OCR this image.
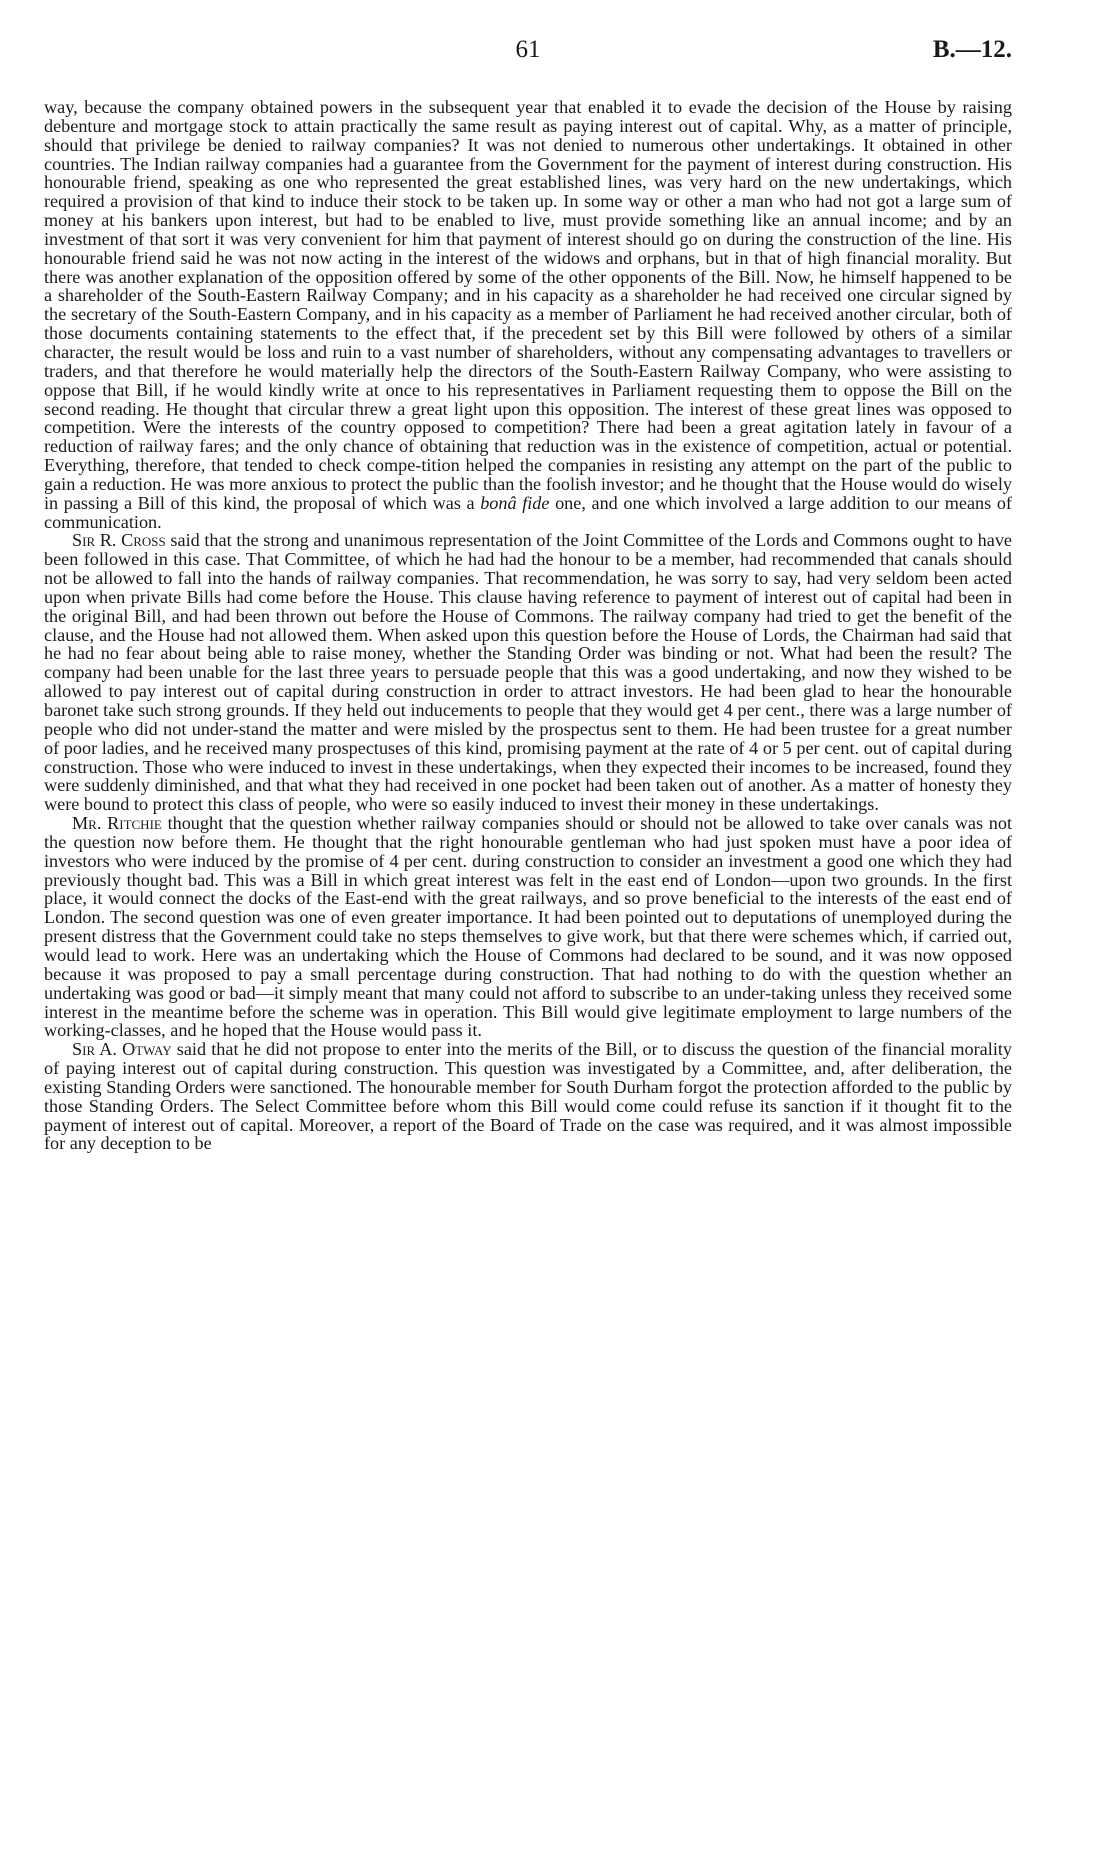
61	B.—12.

way, because the company obtained powers in the subsequent year that enabled it to evade the decision of the House by raising debenture and mortgage stock to attain practically the same result as paying interest out of capital. Why, as a matter of principle, should that privilege be denied to railway companies? It was not denied to numerous other undertakings. It obtained in other countries. The Indian railway companies had a guarantee from the Government for the payment of interest during construction. His honourable friend, speaking as one who represented the great established lines, was very hard on the new undertakings, which required a provision of that kind to induce their stock to be taken up. In some way or other a man who had not got a large sum of money at his bankers upon interest, but had to be enabled to live, must provide something like an annual income; and by an investment of that sort it was very convenient for him that payment of interest should go on during the construction of the line. His honourable friend said he was not now acting in the interest of the widows and orphans, but in that of high financial morality. But there was another explanation of the opposition offered by some of the other opponents of the Bill. Now, he himself happened to be a shareholder of the South-Eastern Railway Company; and in his capacity as a shareholder he had received one circular signed by the secretary of the South-Eastern Company, and in his capacity as a member of Parliament he had received another circular, both of those documents containing statements to the effect that, if the precedent set by this Bill were followed by others of a similar character, the result would be loss and ruin to a vast number of shareholders, without any compensating advantages to travellers or traders, and that therefore he would materially help the directors of the South-Eastern Railway Company, who were assisting to oppose that Bill, if he would kindly write at once to his representatives in Parliament requesting them to oppose the Bill on the second reading. He thought that circular threw a great light upon this opposition. The interest of these great lines was opposed to competition. Were the interests of the country opposed to competition? There had been a great agitation lately in favour of a reduction of railway fares; and the only chance of obtaining that reduction was in the existence of competition, actual or potential. Everything, therefore, that tended to check compe-tition helped the companies in resisting any attempt on the part of the public to gain a reduction. He was more anxious to protect the public than the foolish investor; and he thought that the House would do wisely in passing a Bill of this kind, the proposal of which was a bonâ fide one, and one which involved a large addition to our means of communication.

Sir R. Cross said that the strong and unanimous representation of the Joint Committee of the Lords and Commons ought to have been followed in this case. That Committee, of which he had had the honour to be a member, had recommended that canals should not be allowed to fall into the hands of railway companies. That recommendation, he was sorry to say, had very seldom been acted upon when private Bills had come before the House. This clause having reference to payment of interest out of capital had been in the original Bill, and had been thrown out before the House of Commons. The railway company had tried to get the benefit of the clause, and the House had not allowed them. When asked upon this question before the House of Lords, the Chairman had said that he had no fear about being able to raise money, whether the Standing Order was binding or not. What had been the result? The company had been unable for the last three years to persuade people that this was a good undertaking, and now they wished to be allowed to pay interest out of capital during construction in order to attract investors. He had been glad to hear the honourable baronet take such strong grounds. If they held out inducements to people that they would get 4 per cent., there was a large number of people who did not under-stand the matter and were misled by the prospectus sent to them. He had been trustee for a great number of poor ladies, and he received many prospectuses of this kind, promising payment at the rate of 4 or 5 per cent. out of capital during construction. Those who were induced to invest in these undertakings, when they expected their incomes to be increased, found they were suddenly diminished, and that what they had received in one pocket had been taken out of another. As a matter of honesty they were bound to protect this class of people, who were so easily induced to invest their money in these undertakings.

Mr. Ritchie thought that the question whether railway companies should or should not be allowed to take over canals was not the question now before them. He thought that the right honourable gentleman who had just spoken must have a poor idea of investors who were induced by the promise of 4 per cent. during construction to consider an investment a good one which they had previously thought bad. This was a Bill in which great interest was felt in the east end of London—upon two grounds. In the first place, it would connect the docks of the East-end with the great railways, and so prove beneficial to the interests of the east end of London. The second question was one of even greater importance. It had been pointed out to deputations of unemployed during the present distress that the Government could take no steps themselves to give work, but that there were schemes which, if carried out, would lead to work. Here was an undertaking which the House of Commons had declared to be sound, and it was now opposed because it was proposed to pay a small percentage during construction. That had nothing to do with the question whether an undertaking was good or bad—it simply meant that many could not afford to subscribe to an under-taking unless they received some interest in the meantime before the scheme was in operation. This Bill would give legitimate employment to large numbers of the working-classes, and he hoped that the House would pass it.

Sir A. Otway said that he did not propose to enter into the merits of the Bill, or to discuss the question of the financial morality of paying interest out of capital during construction. This question was investigated by a Committee, and, after deliberation, the existing Standing Orders were sanctioned. The honourable member for South Durham forgot the protection afforded to the public by those Standing Orders. The Select Committee before whom this Bill would come could refuse its sanction if it thought fit to the payment of interest out of capital. Moreover, a report of the Board of Trade on the case was required, and it was almost impossible for any deception to be
